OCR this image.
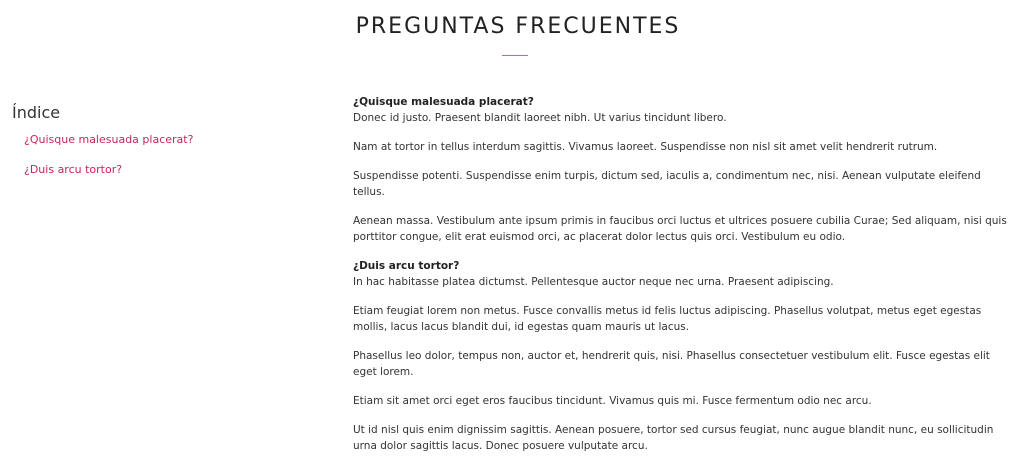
PREGUNTAS FRECUENTES
Índice
¿Quisque malesuada placerat?
¿Duis arcu tortor?

¿Quisque malesuada placerat?

Donec id justo. Praesent blandit laoreet nibh. Ut varius tincidunt libero.

Nam at tortor in tellus interdum sagittis. Vivamus laoreet. Suspendisse non nisl sit amet velit hendrerit rutrum.

Suspendisse potenti. Suspendisse enim turpis, dictum sed, iaculis a, condimentum nec, nisi. Aenean vulputate eleifend tellus.

Aenean massa. Vestibulum ante ipsum primis in faucibus orci luctus et ultrices posuere cubilia Curae; Sed aliquam, nisi quis porttitor congue, elit erat euismod orci, ac placerat dolor lectus quis orci. Vestibulum eu odio.

¿Duis arcu tortor?

In hac habitasse platea dictumst. Pellentesque auctor neque nec urna. Praesent adipiscing.

Etiam feugiat lorem non metus. Fusce convallis metus id felis luctus adipiscing. Phasellus volutpat, metus eget egestas mollis, lacus lacus blandit dui, id egestas quam mauris ut lacus.

Phasellus leo dolor, tempus non, auctor et, hendrerit quis, nisi. Phasellus consectetuer vestibulum elit. Fusce egestas elit eget lorem.

Etiam sit amet orci eget eros faucibus tincidunt. Vivamus quis mi. Fusce fermentum odio nec arcu.

Ut id nisl quis enim dignissim sagittis. Aenean posuere, tortor sed cursus feugiat, nunc augue blandit nunc, eu sollicitudin urna dolor sagittis lacus. Donec posuere vulputate arcu.
